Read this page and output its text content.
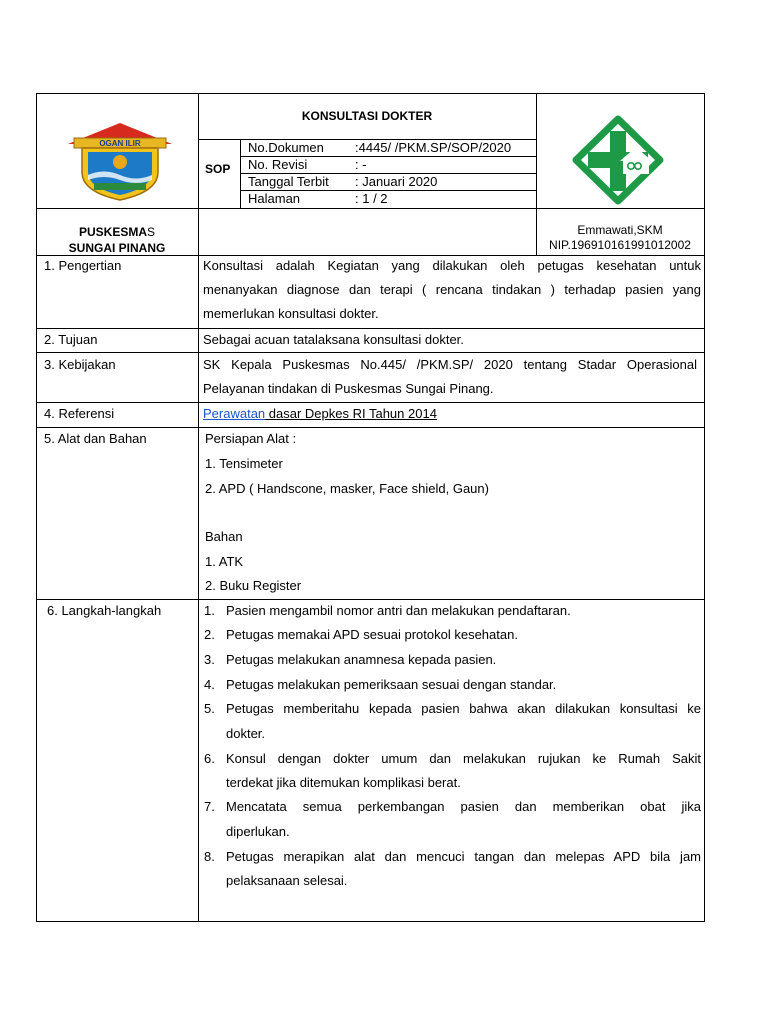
OGAN ILIR
KONSULTASI DOKTER
SOP
No.Dokumen :4445/ /PKM.SP/SOP/2020
No. Revisi	: -
Tanggal Terbit : Januari 2020
Halaman	: 1 / 2
PUSKESMAS
SUNGAI PINANG
Emmawati,SKM
NIP.196910161991012002
1. Pengertian	Konsultasi adalah Kegiatan yang dilakukan oleh petugas kesehatan untuk
menanyakan diagnose dan terapi ( rencana tindakan ) terhadap pasien yang
memerlukan konsultasi dokter.
2. Tujuan	Sebagai acuan tatalaksana konsultasi dokter.
3. Kebijakan	SK Kepala Puskesmas No.445/ /PKM.SP/ 2020 tentang Stadar Operasional
Pelayanan tindakan di Puskesmas Sungai Pinang.
4. Referensi	Perawatan dasar Depkes RI Tahun 2014
5. Alat dan Bahan	Persiapan Alat :
1. Tensimeter
2. APD ( Handscone, masker, Face shield, Gaun)
Bahan
1. ATK
2. Buku Register
6. Langkah-langkah	1. Pasien mengambil nomor antri dan melakukan pendaftaran.
2. Petugas memakai APD sesuai protokol kesehatan.
3. Petugas melakukan anamnesa kepada pasien.
4. Petugas melakukan pemeriksaan sesuai dengan standar.
5. Petugas memberitahu kepada pasien bahwa akan dilakukan konsultasi ke
dokter.
6. Konsul dengan dokter umum dan melakukan rujukan ke Rumah Sakit
terdekat jika ditemukan komplikasi berat.
7. Mencatata semua perkembangan pasien dan memberikan obat jika
diperlukan.
8. Petugas merapikan alat dan mencuci tangan dan melepas APD bila jam
pelaksanaan selesai.
